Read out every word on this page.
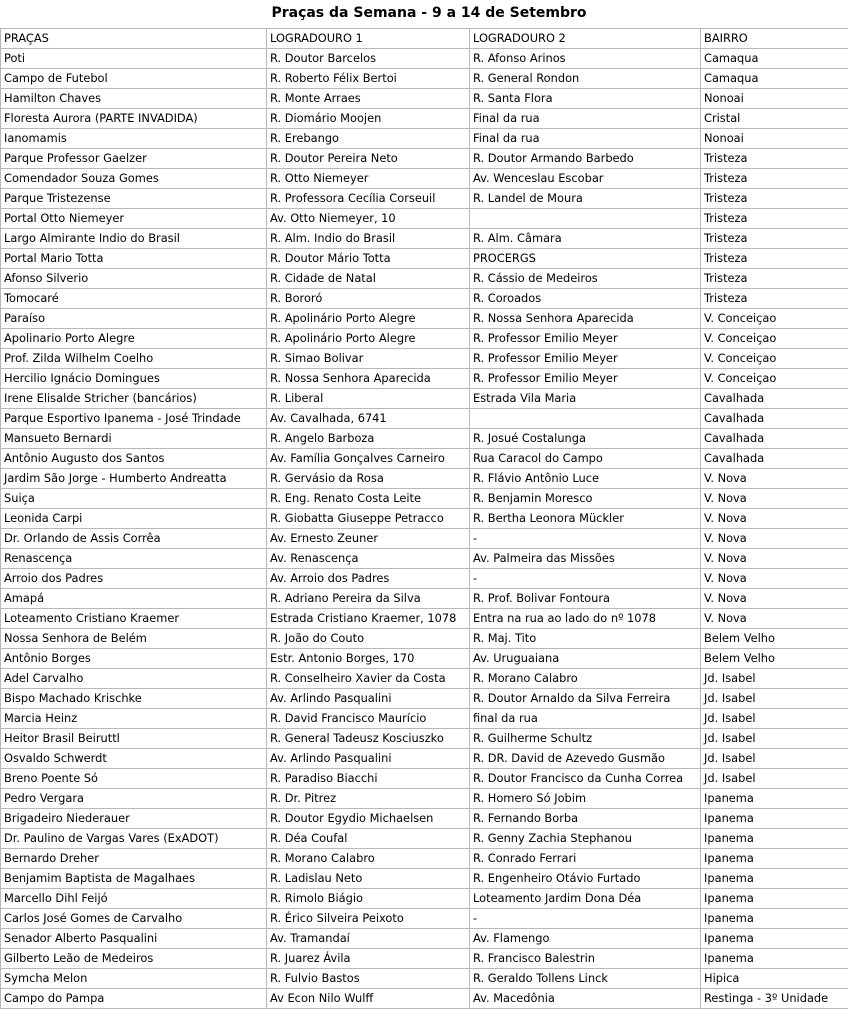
Praças da Semana - 9 a 14 de Setembro
PRAÇAS	LOGRADOURO 1	LOGRADOURO 2	BAIRRO
Poti	R. Doutor Barcelos	R. Afonso Arinos	Camaqua
Campo de Futebol	R. Roberto Félix Bertoi	R. General Rondon	Camaqua
Hamilton Chaves	R. Monte Arraes	R. Santa Flora	Nonoai
Floresta Aurora (PARTE INVADIDA)	R. Diomário Moojen	Final da rua	Cristal
Ianomamis	R. Erebango	Final da rua	Nonoai
Parque Professor Gaelzer	R. Doutor Pereira Neto	R. Doutor Armando Barbedo	Tristeza
Comendador Souza Gomes	R. Otto Niemeyer	Av. Wenceslau Escobar	Tristeza
Parque Tristezense	R. Professora Cecília Corseuil	R. Landel de Moura	Tristeza
Portal Otto Niemeyer	Av. Otto Niemeyer, 10		Tristeza
Largo Almirante Indio do Brasil	R. Alm. Indio do Brasil	R. Alm. Câmara	Tristeza
Portal Mario Totta	R. Doutor Mário Totta	PROCERGS	Tristeza
Afonso Silverio	R. Cidade de Natal	R. Cássio de Medeiros	Tristeza
Tomocaré	R. Bororó	R. Coroados	Tristeza
Paraíso	R. Apolinário Porto Alegre	R. Nossa Senhora Aparecida	V. Conceiçao
Apolinario Porto Alegre	R. Apolinário Porto Alegre	R. Professor Emilio Meyer	V. Conceiçao
Prof. Zilda Wilhelm Coelho	R. Simao Bolivar	R. Professor Emilio Meyer	V. Conceiçao
Hercilio Ignácio Domingues	R. Nossa Senhora Aparecida	R. Professor Emilio Meyer	V. Conceiçao
Irene Elisalde Stricher (bancários)	R. Liberal	Estrada Vila Maria	Cavalhada
Parque Esportivo Ipanema - José Trindade	Av. Cavalhada, 6741		Cavalhada
Mansueto Bernardi	R. Angelo Barboza	R. Josué Costalunga	Cavalhada
Antônio Augusto dos Santos	Av. Família Gonçalves Carneiro	Rua Caracol do Campo	Cavalhada
Jardim São Jorge - Humberto Andreatta	R. Gervásio da Rosa	R. Flávio Antônio Luce	V. Nova
Suiça	R. Eng. Renato Costa Leite	R. Benjamin Moresco	V. Nova
Leonida Carpi	R. Giobatta Giuseppe Petracco	R. Bertha Leonora Mückler	V. Nova
Dr. Orlando de Assis Corrêa	Av. Ernesto Zeuner	-	V. Nova
Renascença	Av. Renascença	Av. Palmeira das Missões	V. Nova
Arroio dos Padres	Av. Arroio dos Padres	-	V. Nova
Amapá	R. Adriano Pereira da Silva	R. Prof. Bolivar Fontoura	V. Nova
Loteamento Cristiano Kraemer	Estrada Cristiano Kraemer, 1078	Entra na rua ao lado do nº 1078	V. Nova
Nossa Senhora de Belém	R. João do Couto	R. Maj. Tito	Belem Velho
Antônio Borges	Estr. Antonio Borges, 170	Av. Uruguaiana	Belem Velho
Adel Carvalho	R. Conselheiro Xavier da Costa	R. Morano Calabro	Jd. Isabel
Bispo Machado Krischke	Av. Arlindo Pasqualini	R. Doutor Arnaldo da Silva Ferreira	Jd. Isabel
Marcia Heinz	R. David Francisco Maurício	final da rua	Jd. Isabel
Heitor Brasil Beiruttl	R. General Tadeusz Kosciuszko	R. Guilherme Schultz	Jd. Isabel
Osvaldo Schwerdt	Av. Arlindo Pasqualini	R. DR. David de Azevedo Gusmão	Jd. Isabel
Breno Poente Só	R. Paradiso Biacchi	R. Doutor Francisco da Cunha Correa	Jd. Isabel
Pedro Vergara	R. Dr. Pitrez	R. Homero Só Jobim	Ipanema
Brigadeiro Niederauer	R. Doutor Egydio Michaelsen	R. Fernando Borba	Ipanema
Dr. Paulino de Vargas Vares (ExADOT)	R. Déa Coufal	R. Genny Zachia Stephanou	Ipanema
Bernardo Dreher	R. Morano Calabro	R. Conrado Ferrari	Ipanema
Benjamim Baptista de Magalhaes	R. Ladislau Neto	R. Engenheiro Otávio Furtado	Ipanema
Marcello Dihl Feijó	R. Rimolo Biágio	Loteamento Jardim Dona Déa	Ipanema
Carlos José Gomes de Carvalho	R. Érico Silveira Peixoto	-	Ipanema
Senador Alberto Pasqualini	Av. Tramandaí	Av. Flamengo	Ipanema
Gilberto Leão de Medeiros	R. Juarez Ávila	R. Francisco Balestrin	Ipanema
Symcha Melon	R. Fulvio Bastos	R. Geraldo Tollens Linck	Hipica
Campo do Pampa	Av Econ Nilo Wulff	Av. Macedônia	Restinga - 3º Unidade
